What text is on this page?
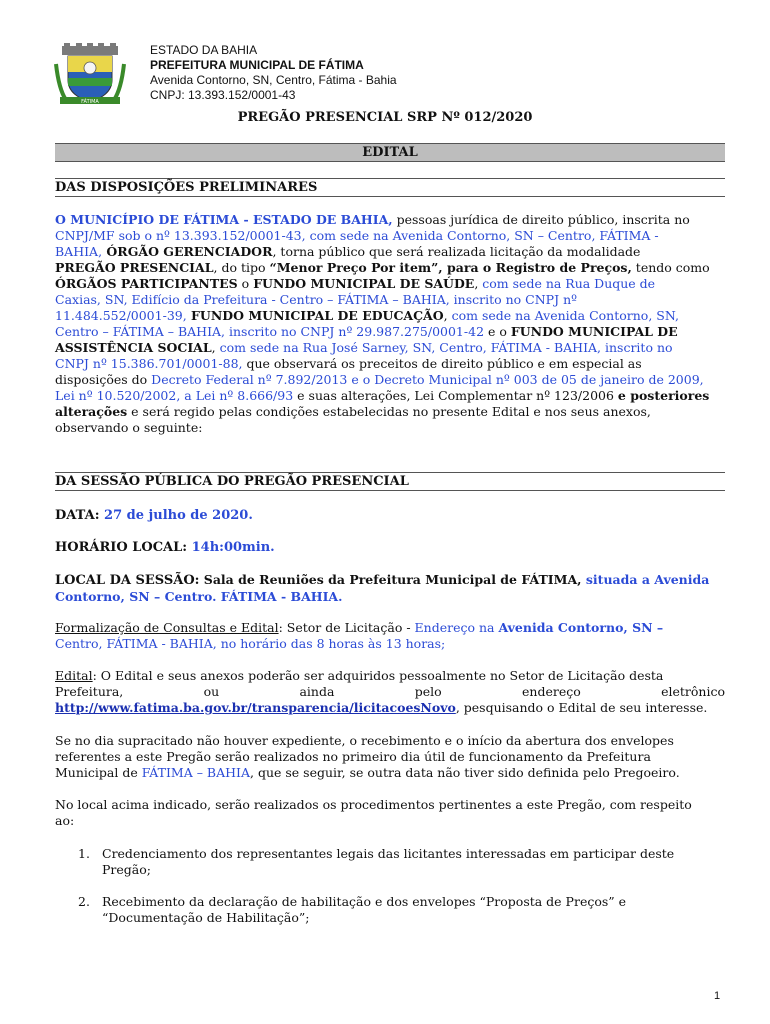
FÁTIMA
ESTADO DA BAHIA
PREFEITURA MUNICIPAL DE FÁTIMA
Avenida Contorno, SN, Centro, Fátima - Bahia
CNPJ: 13.393.152/0001-43
PREGÃO PRESENCIAL SRP Nº 012/2020
EDITAL
DAS DISPOSIÇÕES PRELIMINARES
O MUNICÍPIO DE FÁTIMA - ESTADO DE BAHIA, pessoas jurídica de direito público, inscrita no
CNPJ/MF sob o nº 13.393.152/0001-43, com sede na Avenida Contorno, SN – Centro, FÁTIMA -
BAHIA, ÓRGÃO GERENCIADOR, torna público que será realizada licitação da modalidade
PREGÃO PRESENCIAL, do tipo “Menor Preço Por item”, para o Registro de Preços, tendo como
ÓRGÃOS PARTICIPANTES o FUNDO MUNICIPAL DE SAÚDE, com sede na Rua Duque de
Caxias, SN, Edifício da Prefeitura - Centro – FÁTIMA – BAHIA, inscrito no CNPJ nº
11.484.552/0001-39, FUNDO MUNICIPAL DE EDUCAÇÃO, com sede na Avenida Contorno, SN,
Centro – FÁTIMA – BAHIA, inscrito no CNPJ nº 29.987.275/0001-42 e o FUNDO MUNICIPAL DE
ASSISTÊNCIA SOCIAL, com sede na Rua José Sarney, SN, Centro, FÁTIMA - BAHIA, inscrito no
CNPJ nº 15.386.701/0001-88, que observará os preceitos de direito público e em especial as
disposições do Decreto Federal nº 7.892/2013 e o Decreto Municipal nº 003 de 05 de janeiro de 2009,
Lei nº 10.520/2002, a Lei nº 8.666/93 e suas alterações, Lei Complementar nº 123/2006 e posteriores
alterações e será regido pelas condições estabelecidas no presente Edital e nos seus anexos,
observando o seguinte:
DA SESSÃO PÚBLICA DO PREGÃO PRESENCIAL
DATA: 27 de julho de 2020.
HORÁRIO LOCAL: 14h:00min.
LOCAL DA SESSÃO: Sala de Reuniões da Prefeitura Municipal de FÁTIMA, situada a Avenida
Contorno, SN – Centro. FÁTIMA - BAHIA.
Formalização de Consultas e Edital: Setor de Licitação - Endereço na Avenida Contorno, SN –
Centro, FÁTIMA - BAHIA, no horário das 8 horas às 13 horas;
Edital: O Edital e seus anexos poderão ser adquiridos pessoalmente no Setor de Licitação desta
Prefeitura,	ou	ainda	pelo	endereço	eletrônico
http://www.fatima.ba.gov.br/transparencia/licitacoesNovo, pesquisando o Edital de seu interesse.
Se no dia supracitado não houver expediente, o recebimento e o início da abertura dos envelopes
referentes a este Pregão serão realizados no primeiro dia útil de funcionamento da Prefeitura
Municipal de FÁTIMA – BAHIA, que se seguir, se outra data não tiver sido definida pelo Pregoeiro.
No local acima indicado, serão realizados os procedimentos pertinentes a este Pregão, com respeito
ao:
1. Credenciamento dos representantes legais das licitantes interessadas em participar deste
Pregão;
2. Recebimento da declaração de habilitação e dos envelopes “Proposta de Preços” e
“Documentação de Habilitação”;
1
